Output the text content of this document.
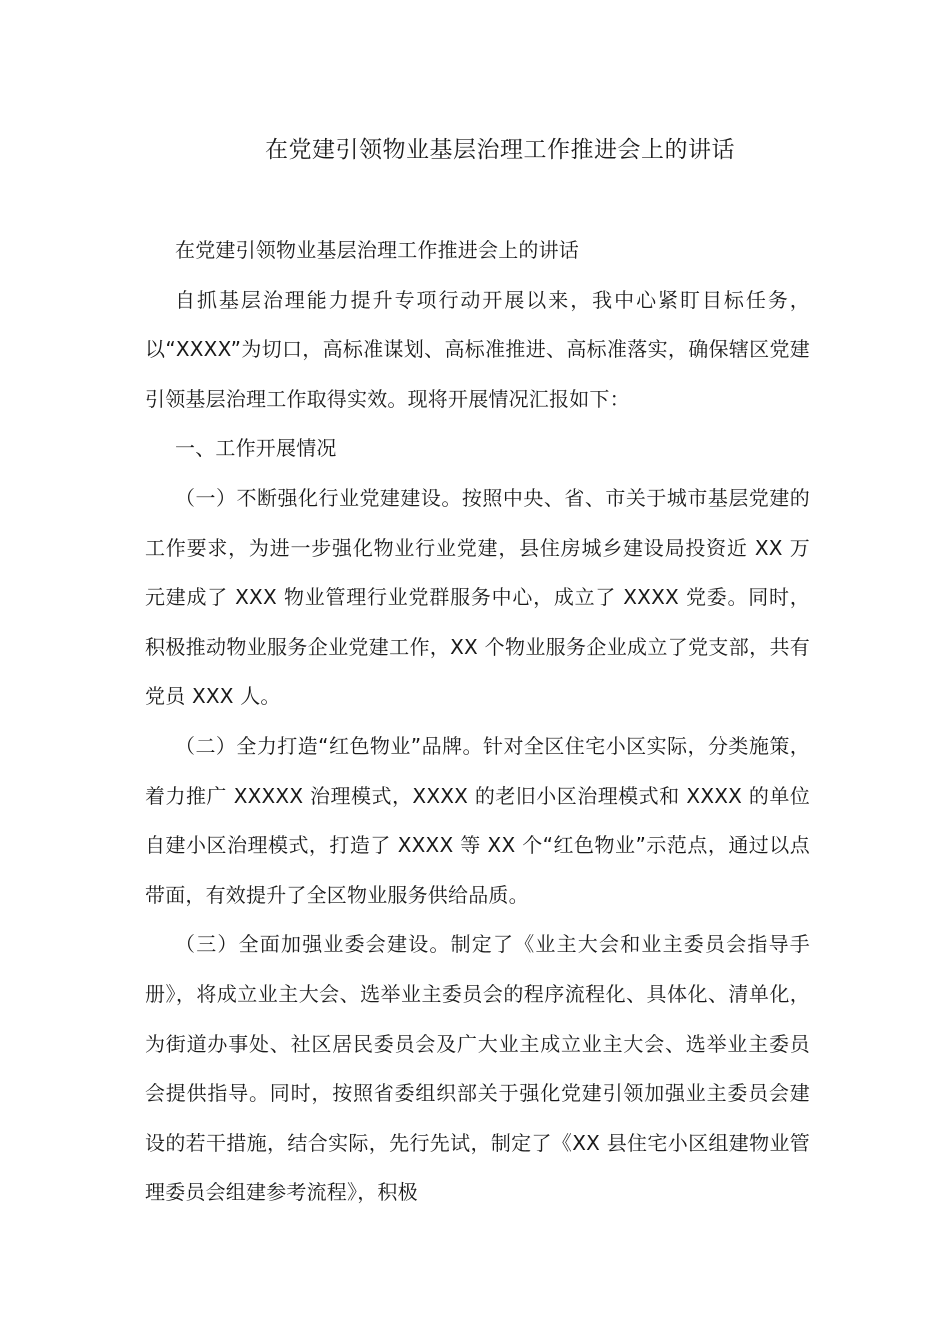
在党建引领物业基层治理工作推进会上的讲话

在党建引领物业基层治理工作推进会上的讲话

自抓基层治理能力提升专项行动开展以来，我中心紧盯目标任务，以“XXXX”为切口，高标准谋划、高标准推进、高标准落实，确保辖区党建引领基层治理工作取得实效。现将开展情况汇报如下：

一、工作开展情况

（一）不断强化行业党建建设。按照中央、省、市关于城市基层党建的工作要求，为进一步强化物业行业党建，县住房城乡建设局投资近 XX 万元建成了 XXX 物业管理行业党群服务中心，成立了 XXXX 党委。同时，积极推动物业服务企业党建工作，XX 个物业服务企业成立了党支部，共有党员 XXX 人。

（二）全力打造“红色物业”品牌。针对全区住宅小区实际，分类施策，着力推广 XXXXX 治理模式，XXXX 的老旧小区治理模式和 XXXX 的单位自建小区治理模式，打造了 XXXX 等 XX 个“红色物业”示范点，通过以点带面，有效提升了全区物业服务供给品质。

（三）全面加强业委会建设。制定了《业主大会和业主委员会指导手册》，将成立业主大会、选举业主委员会的程序流程化、具体化、清单化，为街道办事处、社区居民委员会及广大业主成立业主大会、选举业主委员会提供指导。同时，按照省委组织部关于强化党建引领加强业主委员会建设的若干措施，结合实际，先行先试，制定了《XX 县住宅小区组建物业管理委员会组建参考流程》，积极
